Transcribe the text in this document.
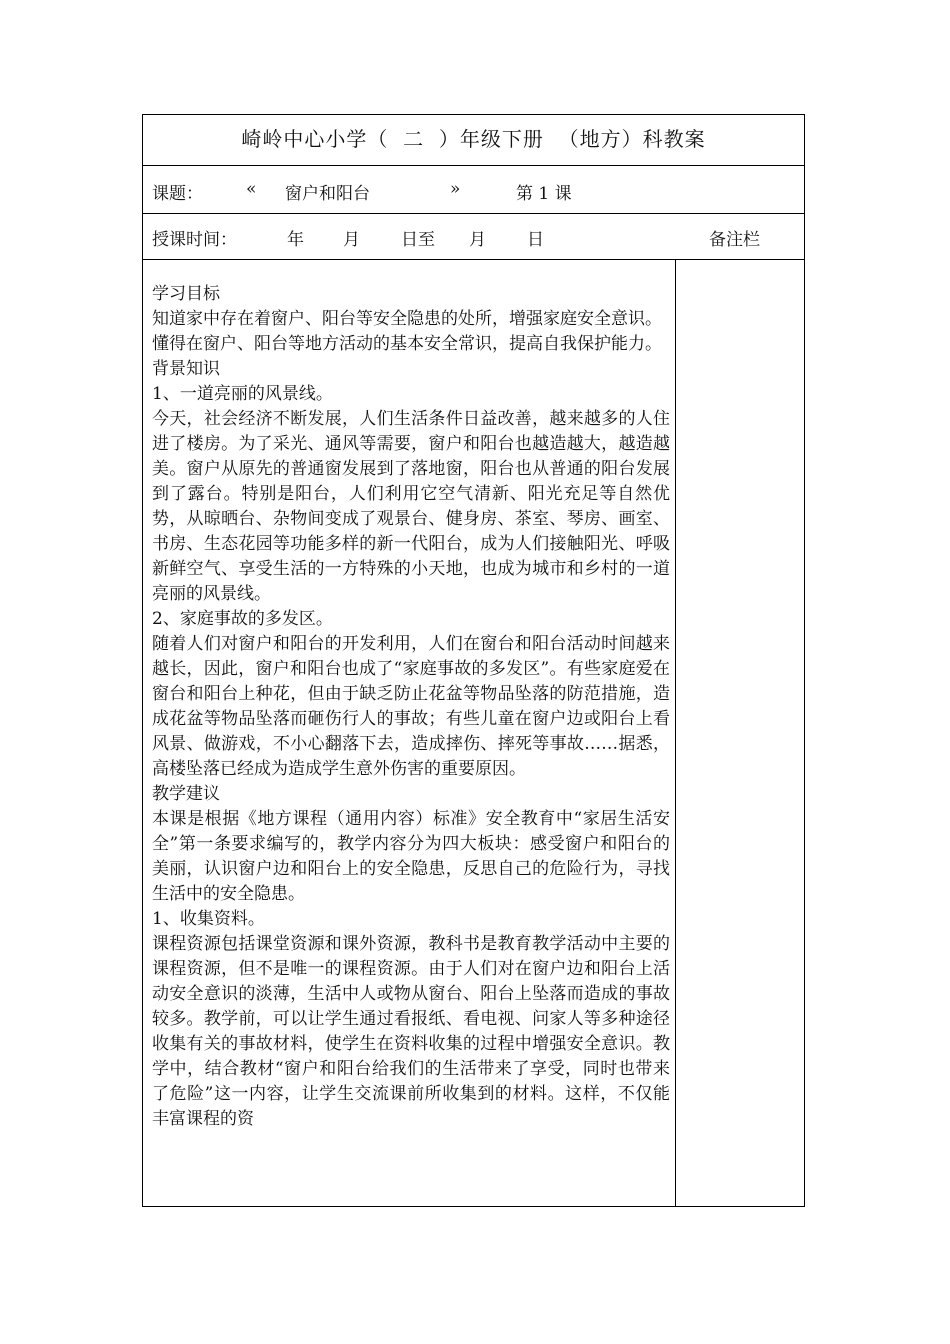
崎岭中心小学（  二  ）年级下册  （地方）科教案
课题：	« 窗户和阳台	»	第 1 课
授课时间：	年 月 日至 月 日	备注栏

学习目标

知道家中存在着窗户、阳台等安全隐患的处所，增强家庭安全意识。

懂得在窗户、阳台等地方活动的基本安全常识，提高自我保护能力。

背景知识

1、一道亮丽的风景线。

今天，社会经济不断发展，人们生活条件日益改善，越来越多的人住进了楼房。为了采光、通风等需要，窗户和阳台也越造越大，越造越美。窗户从原先的普通窗发展到了落地窗，阳台也从普通的阳台发展到了露台。特别是阳台，人们利用它空气清新、阳光充足等自然优势，从晾晒台、杂物间变成了观景台、健身房、茶室、琴房、画室、书房、生态花园等功能多样的新一代阳台，成为人们接触阳光、呼吸新鲜空气、享受生活的一方特殊的小天地，也成为城市和乡村的一道亮丽的风景线。

2、家庭事故的多发区。

随着人们对窗户和阳台的开发利用，人们在窗台和阳台活动时间越来越长，因此，窗户和阳台也成了“家庭事故的多发区”。有些家庭爱在窗台和阳台上种花，但由于缺乏防止花盆等物品坠落的防范措施，造成花盆等物品坠落而砸伤行人的事故；有些儿童在窗户边或阳台上看风景、做游戏，不小心翻落下去，造成摔伤、摔死等事故……据悉，高楼坠落已经成为造成学生意外伤害的重要原因。

教学建议

本课是根据《地方课程（通用内容）标准》安全教育中“家居生活安全”第一条要求编写的，教学内容分为四大板块：感受窗户和阳台的美丽，认识窗户边和阳台上的安全隐患，反思自己的危险行为，寻找生活中的安全隐患。

1、收集资料。

课程资源包括课堂资源和课外资源，教科书是教育教学活动中主要的课程资源，但不是唯一的课程资源。由于人们对在窗户边和阳台上活动安全意识的淡薄，生活中人或物从窗台、阳台上坠落而造成的事故较多。教学前，可以让学生通过看报纸、看电视、问家人等多种途径收集有关的事故材料，使学生在资料收集的过程中增强安全意识。教学中，结合教材“窗户和阳台给我们的生活带来了享受，同时也带来了危险”这一内容，让学生交流课前所收集到的材料。这样，不仅能丰富课程的资
